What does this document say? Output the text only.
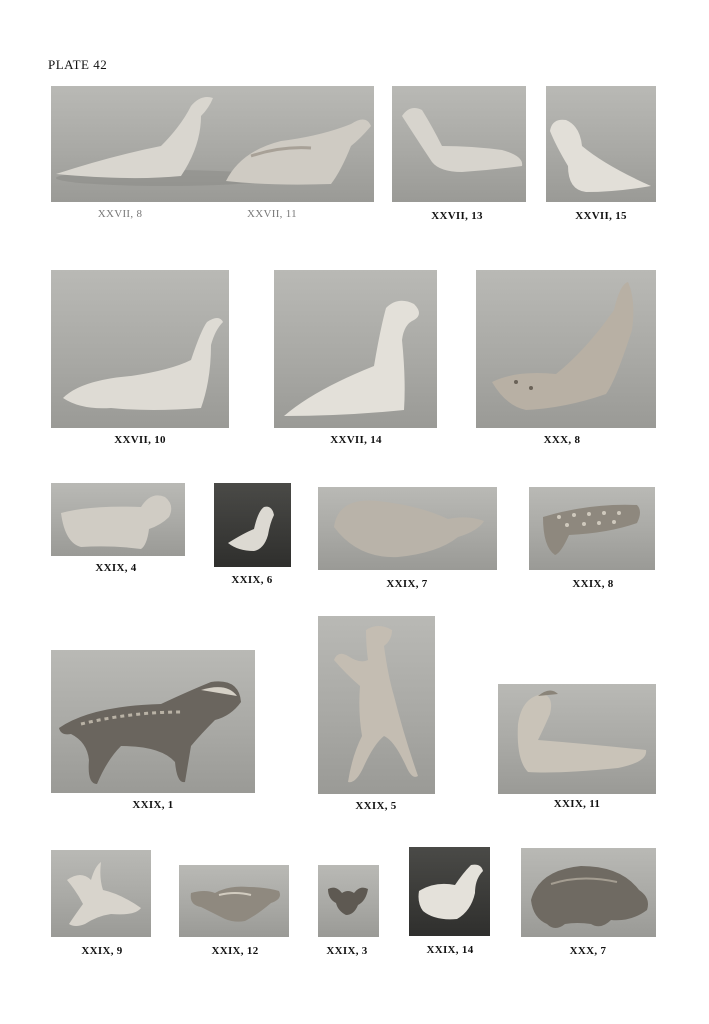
PLATE 42
XXVII, 8	XXVII, 11	XXVII, 13	XXVII, 15
XXVII, 10	XXVII, 14	XXX, 8
XXIX, 4
XXIX, 6	XXIX, 7	XXIX, 8
XXIX, 1	XXIX, 5	XXIX, 11
XXIX, 9	XXIX, 12	XXIX, 3	XXIX, 14	XXX, 7
